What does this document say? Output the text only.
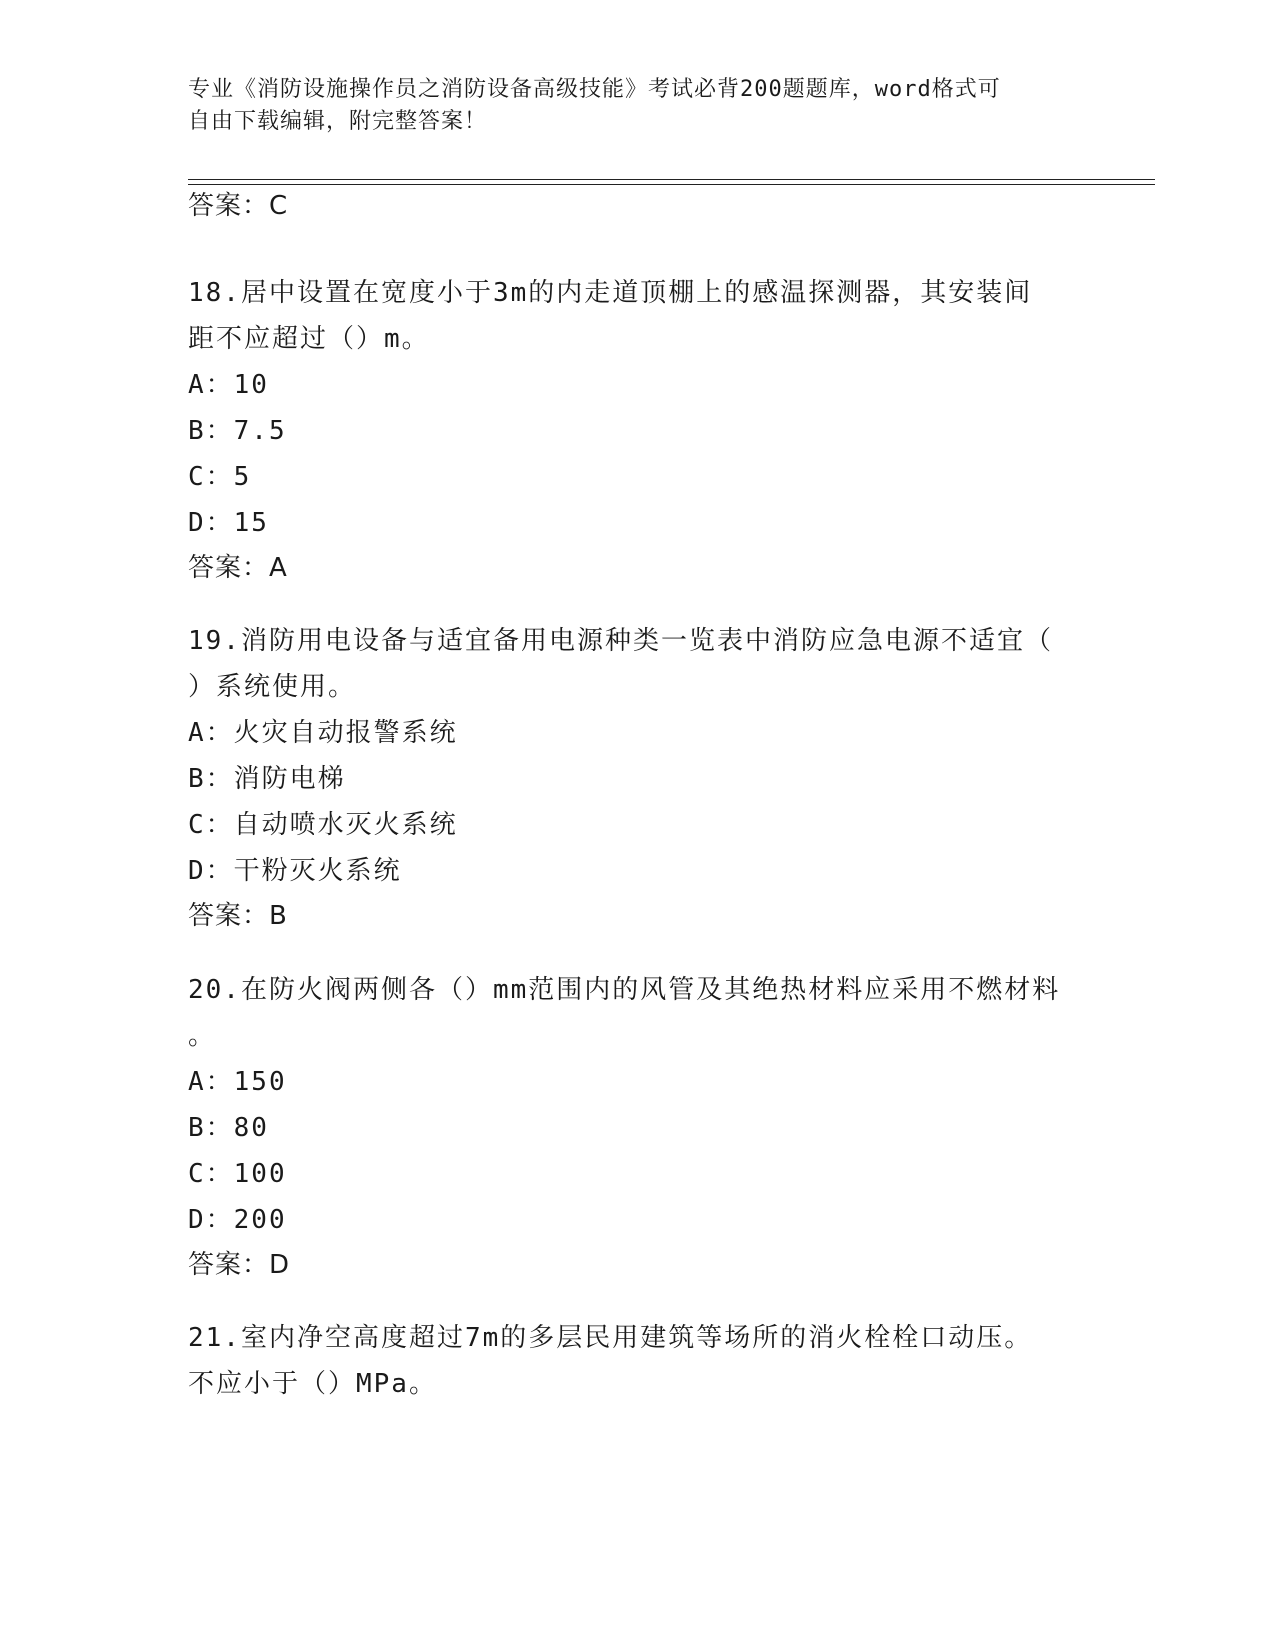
专业《消防设施操作员之消防设备高级技能》考试必背200题题库，word格式可
自由下载编辑，附完整答案！
答案：C
18.居中设置在宽度小于3m的内走道顶棚上的感温探测器，其安装间
距不应超过（）m。
A：10
B：7.5
C：5
D：15
答案：A
19.消防用电设备与适宜备用电源种类一览表中消防应急电源不适宜（
）系统使用。
A：火灾自动报警系统
B：消防电梯
C：自动喷水灭火系统
D：干粉灭火系统
答案：B
20.在防火阀两侧各（）mm范围内的风管及其绝热材料应采用不燃材料
。
A：150
B：80
C：100
D：200
答案：D
21.室内净空高度超过7m的多层民用建筑等场所的消火栓栓口动压。
不应小于（）MPa。
